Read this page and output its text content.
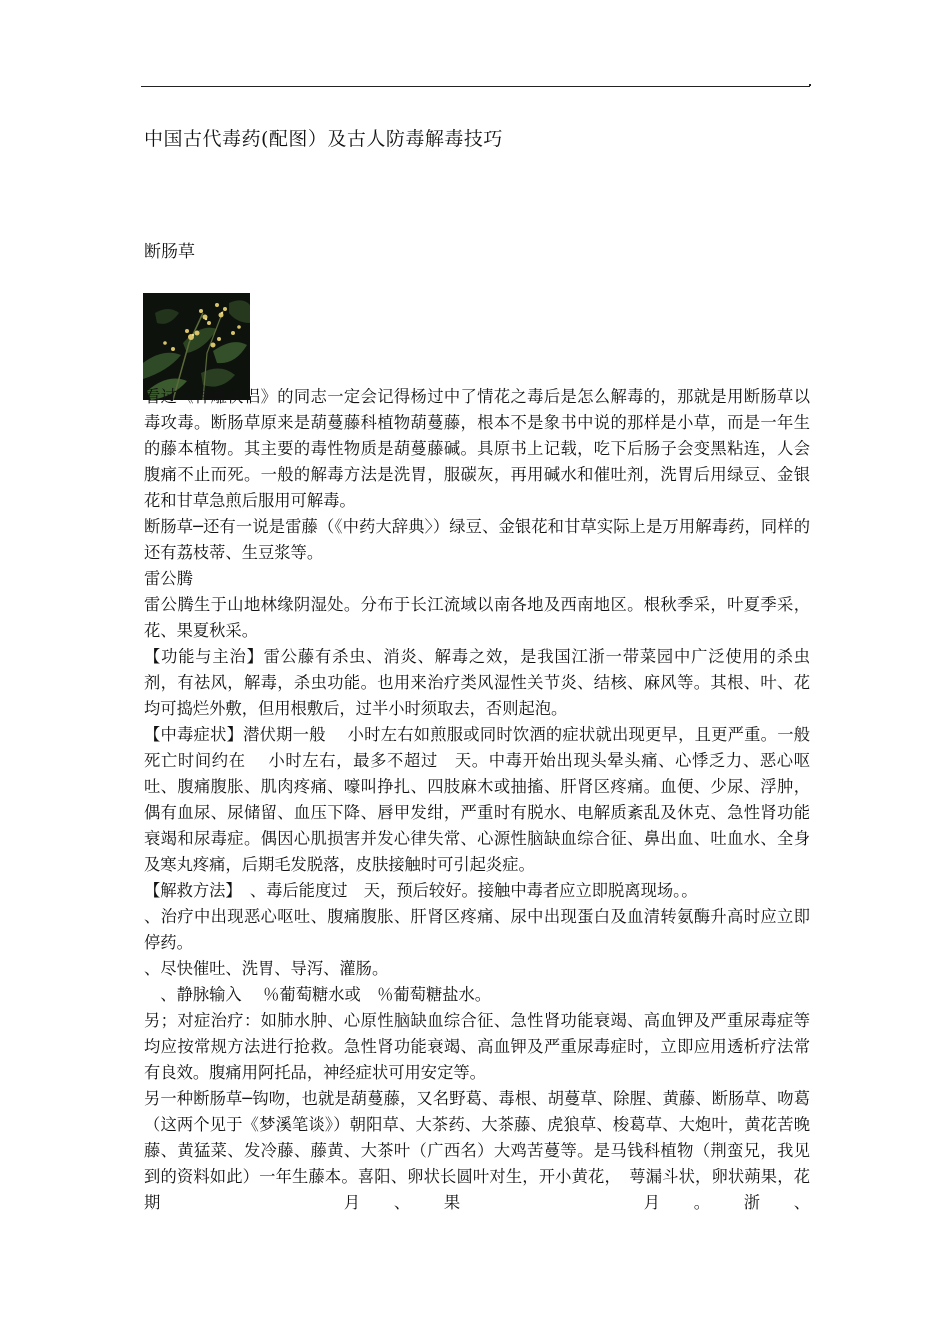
中国古代毒药(配图）及古人防毒解毒技巧
断肠草

看过《神雕侠侣》的同志一定会记得杨过中了情花之毒后是怎么解毒的，那就是用断肠草以毒攻毒。断肠草原来是葫蔓藤科植物葫蔓藤，根本不是象书中说的那样是小草，而是一年生的藤本植物。其主要的毒性物质是葫蔓藤碱。具原书上记载，吃下后肠子会变黑粘连，人会腹痛不止而死。一般的解毒方法是洗胃，服碳灰，再用碱水和催吐剂，洗胃后用绿豆、金银花和甘草急煎后服用可解毒。

断肠草─还有一说是雷藤（《中药大辞典〉）绿豆、金银花和甘草实际上是万用解毒药，同样的还有荔枝蒂、生豆浆等。

雷公腾

雷公腾生于山地林缘阴湿处。分布于长江流域以南各地及西南地区。根秋季采，叶夏季采，花、果夏秋采。

【功能与主治】雷公藤有杀虫、消炎、解毒之效，是我国江浙一带菜园中广泛使用的杀虫剂，有祛风，解毒，杀虫功能。也用来治疗类风湿性关节炎、结核、麻风等。其根、叶、花均可捣烂外敷，但用根敷后，过半小时须取去，否则起泡。

【中毒症状】潜伏期一般　 小时左右如煎服或同时饮酒的症状就出现更早，且更严重。一般死亡时间约在　 小时左右，最多不超过　天。中毒开始出现头晕头痛、心悸乏力、恶心呕吐、腹痛腹胀、肌肉疼痛、嚎叫挣扎、四肢麻木或抽搐、肝肾区疼痛。血便、少尿、浮肿，偶有血尿、尿储留、血压下降、唇甲发绀，严重时有脱水、电解质紊乱及休克、急性肾功能衰竭和尿毒症。偶因心肌损害并发心律失常、心源性脑缺血综合征、鼻出血、吐血水、全身及寒丸疼痛，后期毛发脱落，皮肤接触时可引起炎症。

【解救方法】　、毒后能度过　天，预后较好。接触中毒者应立即脱离现场。。

、治疗中出现恶心呕吐、腹痛腹胀、肝肾区疼痛、尿中出现蛋白及血清转氨酶升高时应立即停药。

、尽快催吐、洗胃、导泻、灌肠。

　、静脉输入　 ％葡萄糖水或　％葡萄糖盐水。

另；对症治疗：如肺水肿、心原性脑缺血综合征、急性肾功能衰竭、高血钾及严重尿毒症等均应按常规方法进行抢救。急性肾功能衰竭、高血钾及严重尿毒症时，立即应用透析疗法常有良效。腹痛用阿托品，神经症状可用安定等。

另一种断肠草─钩吻，也就是葫蔓藤，又名野葛、毒根、胡蔓草、除腥、黄藤、断肠草、吻葛（这两个见于《梦溪笔谈》）朝阳草、大茶药、大茶藤、虎狼草、梭葛草、大炮叶，黄花苦晚藤、黄猛菜、发冷藤、藤黄、大茶叶（广西名）大鸡苦蔓等。是马钱科植物（荆蛮兄，我见到的资料如此）一年生藤本。喜阳、卵状长圆叶对生，开小黄花，　萼漏斗状，卵状蒴果，花期　　　月、果　　　月。浙、
